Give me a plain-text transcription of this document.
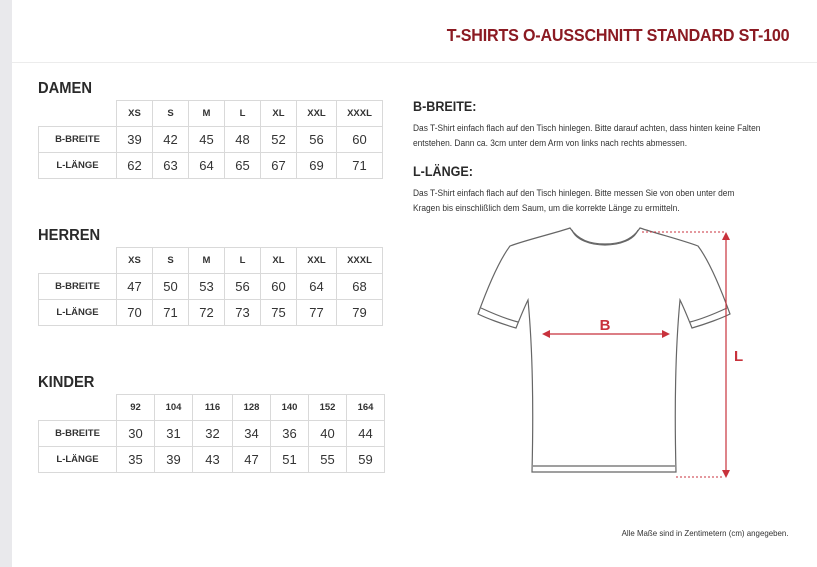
T-SHIRTS O-AUSSCHNITT STANDARD ST-100
DAMEN
	XS	S	M	L	XL	XXL	XXXL
B-BREITE	39	42	45	48	52	56	60
L-LÄNGE	62	63	64	65	67	69	71
HERREN
	XS	S	M	L	XL	XXL	XXXL
B-BREITE	47	50	53	56	60	64	68
L-LÄNGE	70	71	72	73	75	77	79
KINDER
	92	104	116	128	140	152	164
B-BREITE	30	31	32	34	36	40	44
L-LÄNGE	35	39	43	47	51	55	59
B-BREITE:
Das T-Shirt einfach flach auf den Tisch hinlegen. Bitte darauf achten, dass hinten keine Falten entstehen. Dann ca. 3cm unter dem Arm von links nach rechts abmessen.
L-LÄNGE:
Das T-Shirt einfach flach auf den Tisch hinlegen. Bitte messen Sie von oben unter dem Kragen bis einschlißlich dem Saum, um die korrekte Länge zu ermitteln.
B
L

Alle Maße sind in Zentimetern (cm) angegeben.
